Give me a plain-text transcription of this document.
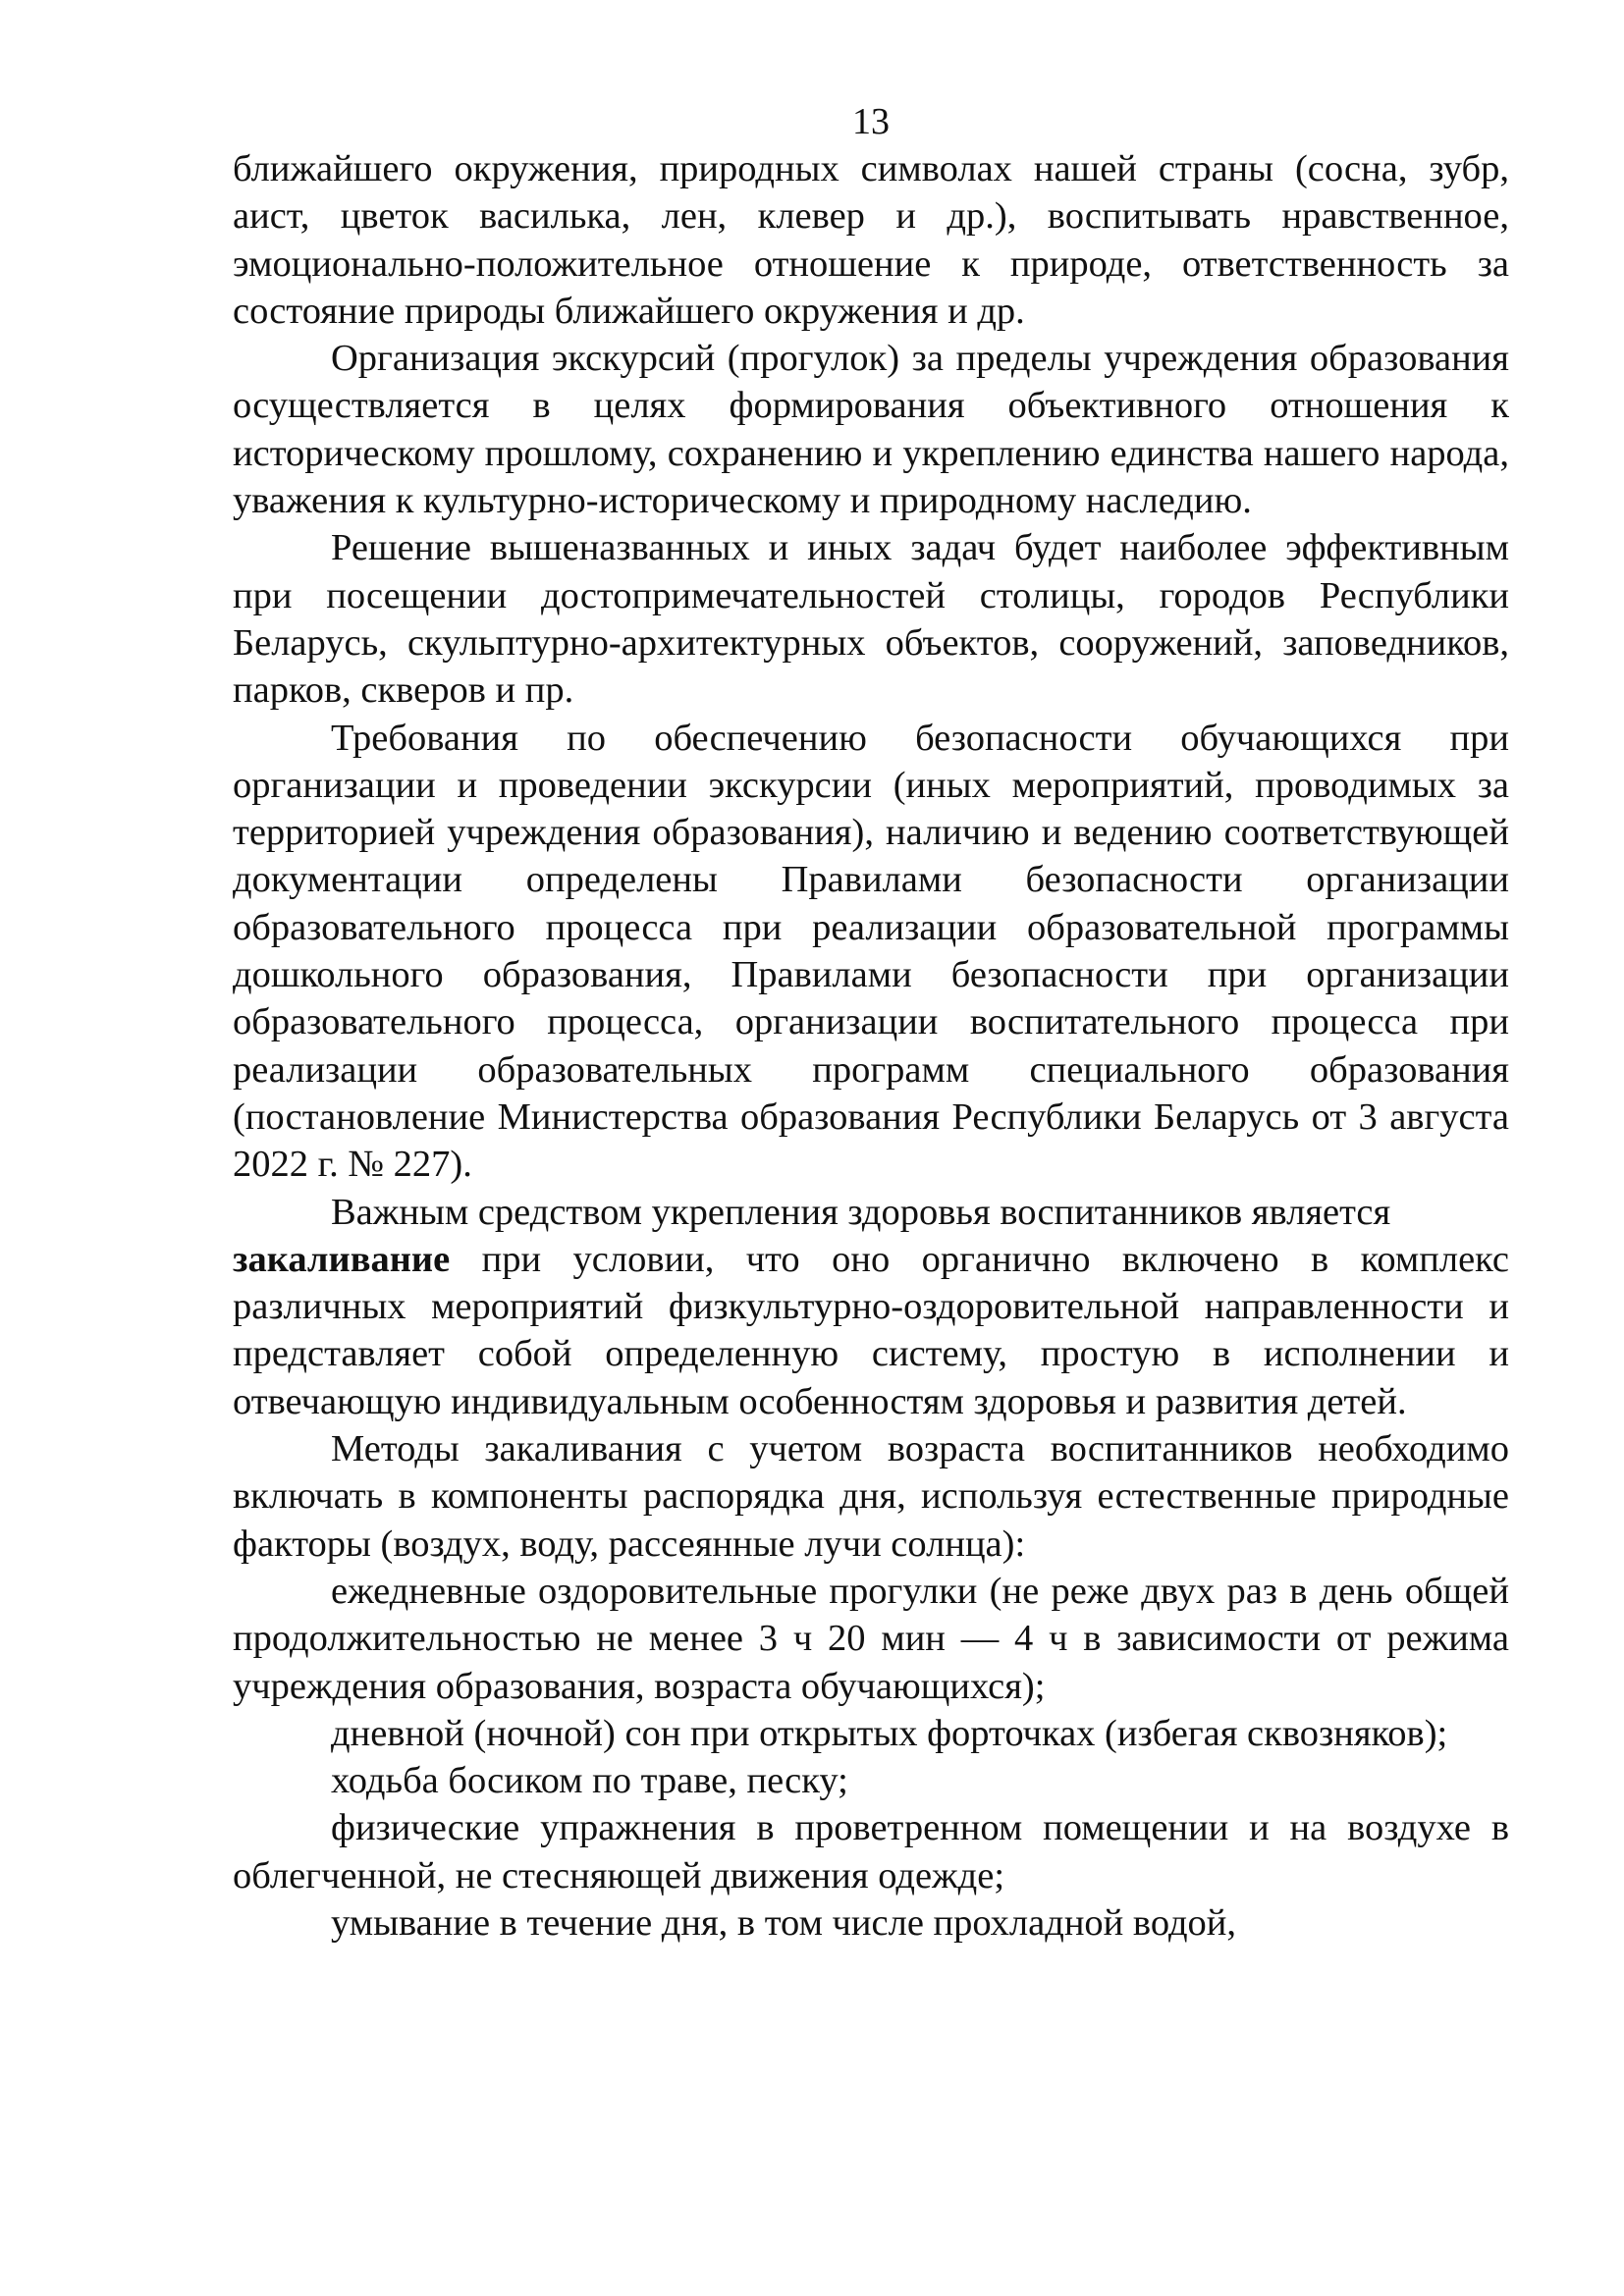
13

ближайшего окружения, природных символах нашей страны (сосна, зубр, аист, цветок василька, лен, клевер и др.), воспитывать нравственное, эмоционально-положительное отношение к природе, ответственность за состояние природы ближайшего окружения и др.

Организация экскурсий (прогулок) за пределы учреждения образования осуществляется в целях формирования объективного отношения к историческому прошлому, сохранению и укреплению единства нашего народа, уважения к культурно-историческому и природному наследию.

Решение вышеназванных и иных задач будет наиболее эффективным при посещении достопримечательностей столицы, городов Республики Беларусь, скульптурно-архитектурных объектов, сооружений, заповедников, парков, скверов и пр.

Требования по обеспечению безопасности обучающихся при организации и проведении экскурсии (иных мероприятий, проводимых за территорией учреждения образования), наличию и ведению соответствующей документации определены Правилами безопасности организации образовательного процесса при реализации образовательной программы дошкольного образования, Правилами безопасности при организации образовательного процесса, организации воспитательного процесса при реализации образовательных программ специального образования (постановление Министерства образования Республики Беларусь от 3 августа 2022 г. № 227).

Важным средством укрепления здоровья воспитанников является
закаливание при условии, что оно органично включено в комплекс различных мероприятий физкультурно-оздоровительной направленности и представляет собой определенную систему, простую в исполнении и отвечающую индивидуальным особенностям здоровья и развития детей.

Методы закаливания с учетом возраста воспитанников необходимо включать в компоненты распорядка дня, используя естественные природные факторы (воздух, воду, рассеянные лучи солнца):

ежедневные оздоровительные прогулки (не реже двух раз в день общей продолжительностью не менее 3 ч 20 мин — 4 ч в зависимости от режима учреждения образования, возраста обучающихся);

дневной (ночной) сон при открытых форточках (избегая сквозняков);

ходьба босиком по траве, песку;

физические упражнения в проветренном помещении и на воздухе в облегченной, не стесняющей движения одежде;

умывание в течение дня, в том числе прохладной водой,
